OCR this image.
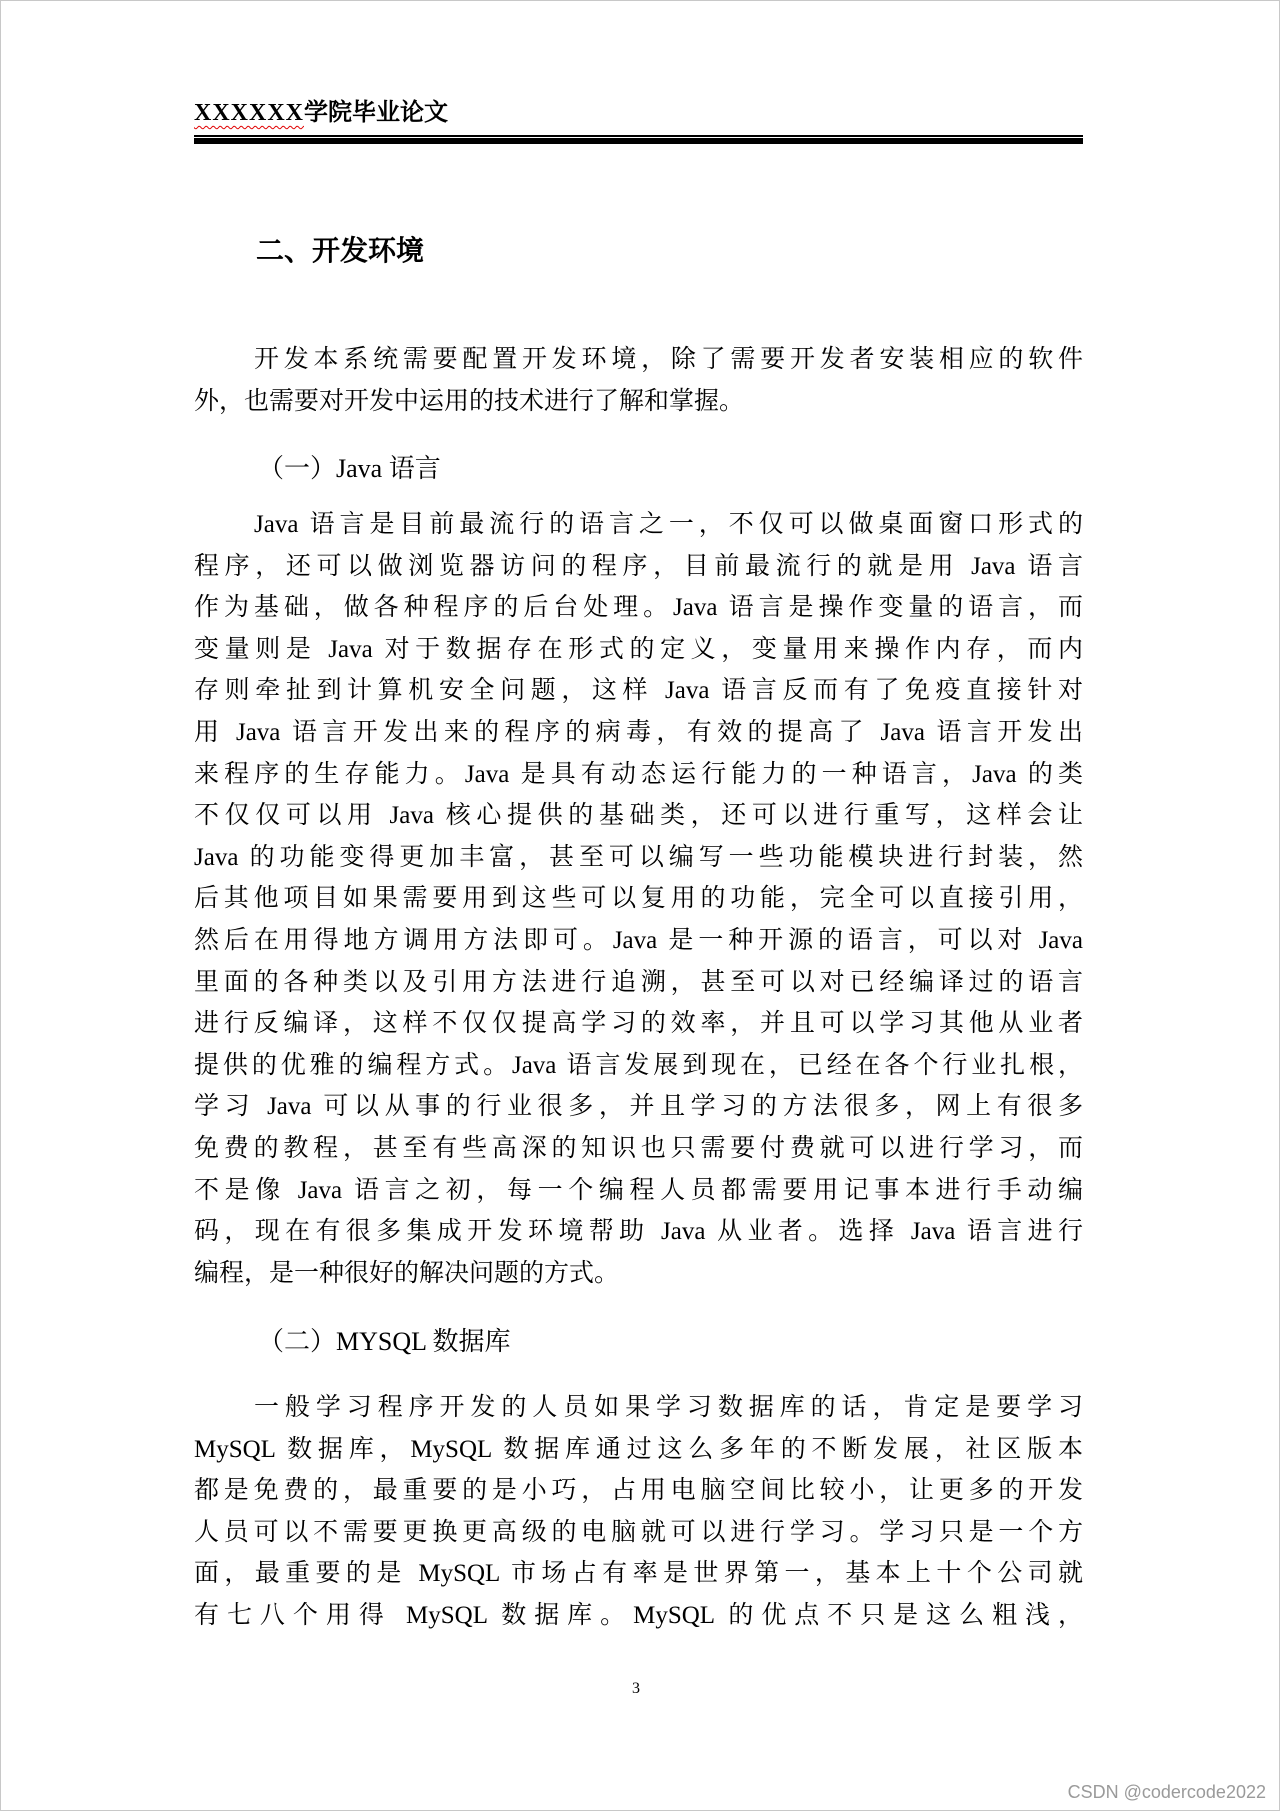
XXXXXX学院毕业论文
二、开发环境
开发本系统需要配置开发环境，除了需要开发者安装相应的软件
外，也需要对开发中运用的技术进行了解和掌握。
（一）Java 语言
Java 语言是目前最流行的语言之一，不仅可以做桌面窗口形式的
程序，还可以做浏览器访问的程序，目前最流行的就是用 Java 语言
作为基础，做各种程序的后台处理。Java 语言是操作变量的语言，而
变量则是 Java 对于数据存在形式的定义，变量用来操作内存，而内
存则牵扯到计算机安全问题，这样 Java 语言反而有了免疫直接针对
用 Java 语言开发出来的程序的病毒，有效的提高了 Java 语言开发出
来程序的生存能力。Java 是具有动态运行能力的一种语言，Java 的类
不仅仅可以用 Java 核心提供的基础类，还可以进行重写，这样会让
Java 的功能变得更加丰富，甚至可以编写一些功能模块进行封装，然
后其他项目如果需要用到这些可以复用的功能，完全可以直接引用，
然后在用得地方调用方法即可。Java 是一种开源的语言，可以对 Java
里面的各种类以及引用方法进行追溯，甚至可以对已经编译过的语言
进行反编译，这样不仅仅提高学习的效率，并且可以学习其他从业者
提供的优雅的编程方式。Java 语言发展到现在，已经在各个行业扎根，
学习 Java 可以从事的行业很多，并且学习的方法很多，网上有很多
免费的教程，甚至有些高深的知识也只需要付费就可以进行学习，而
不是像 Java 语言之初，每一个编程人员都需要用记事本进行手动编
码，现在有很多集成开发环境帮助 Java 从业者。选择 Java 语言进行
编程，是一种很好的解决问题的方式。
（二）MYSQL 数据库
一般学习程序开发的人员如果学习数据库的话，肯定是要学习
MySQL 数据库，MySQL 数据库通过这么多年的不断发展，社区版本
都是免费的，最重要的是小巧，占用电脑空间比较小，让更多的开发
人员可以不需要更换更高级的电脑就可以进行学习。学习只是一个方
面，最重要的是 MySQL 市场占有率是世界第一，基本上十个公司就
有七八个用得 MySQL 数据库。MySQL 的优点不只是这么粗浅，
3
CSDN @codercode2022
